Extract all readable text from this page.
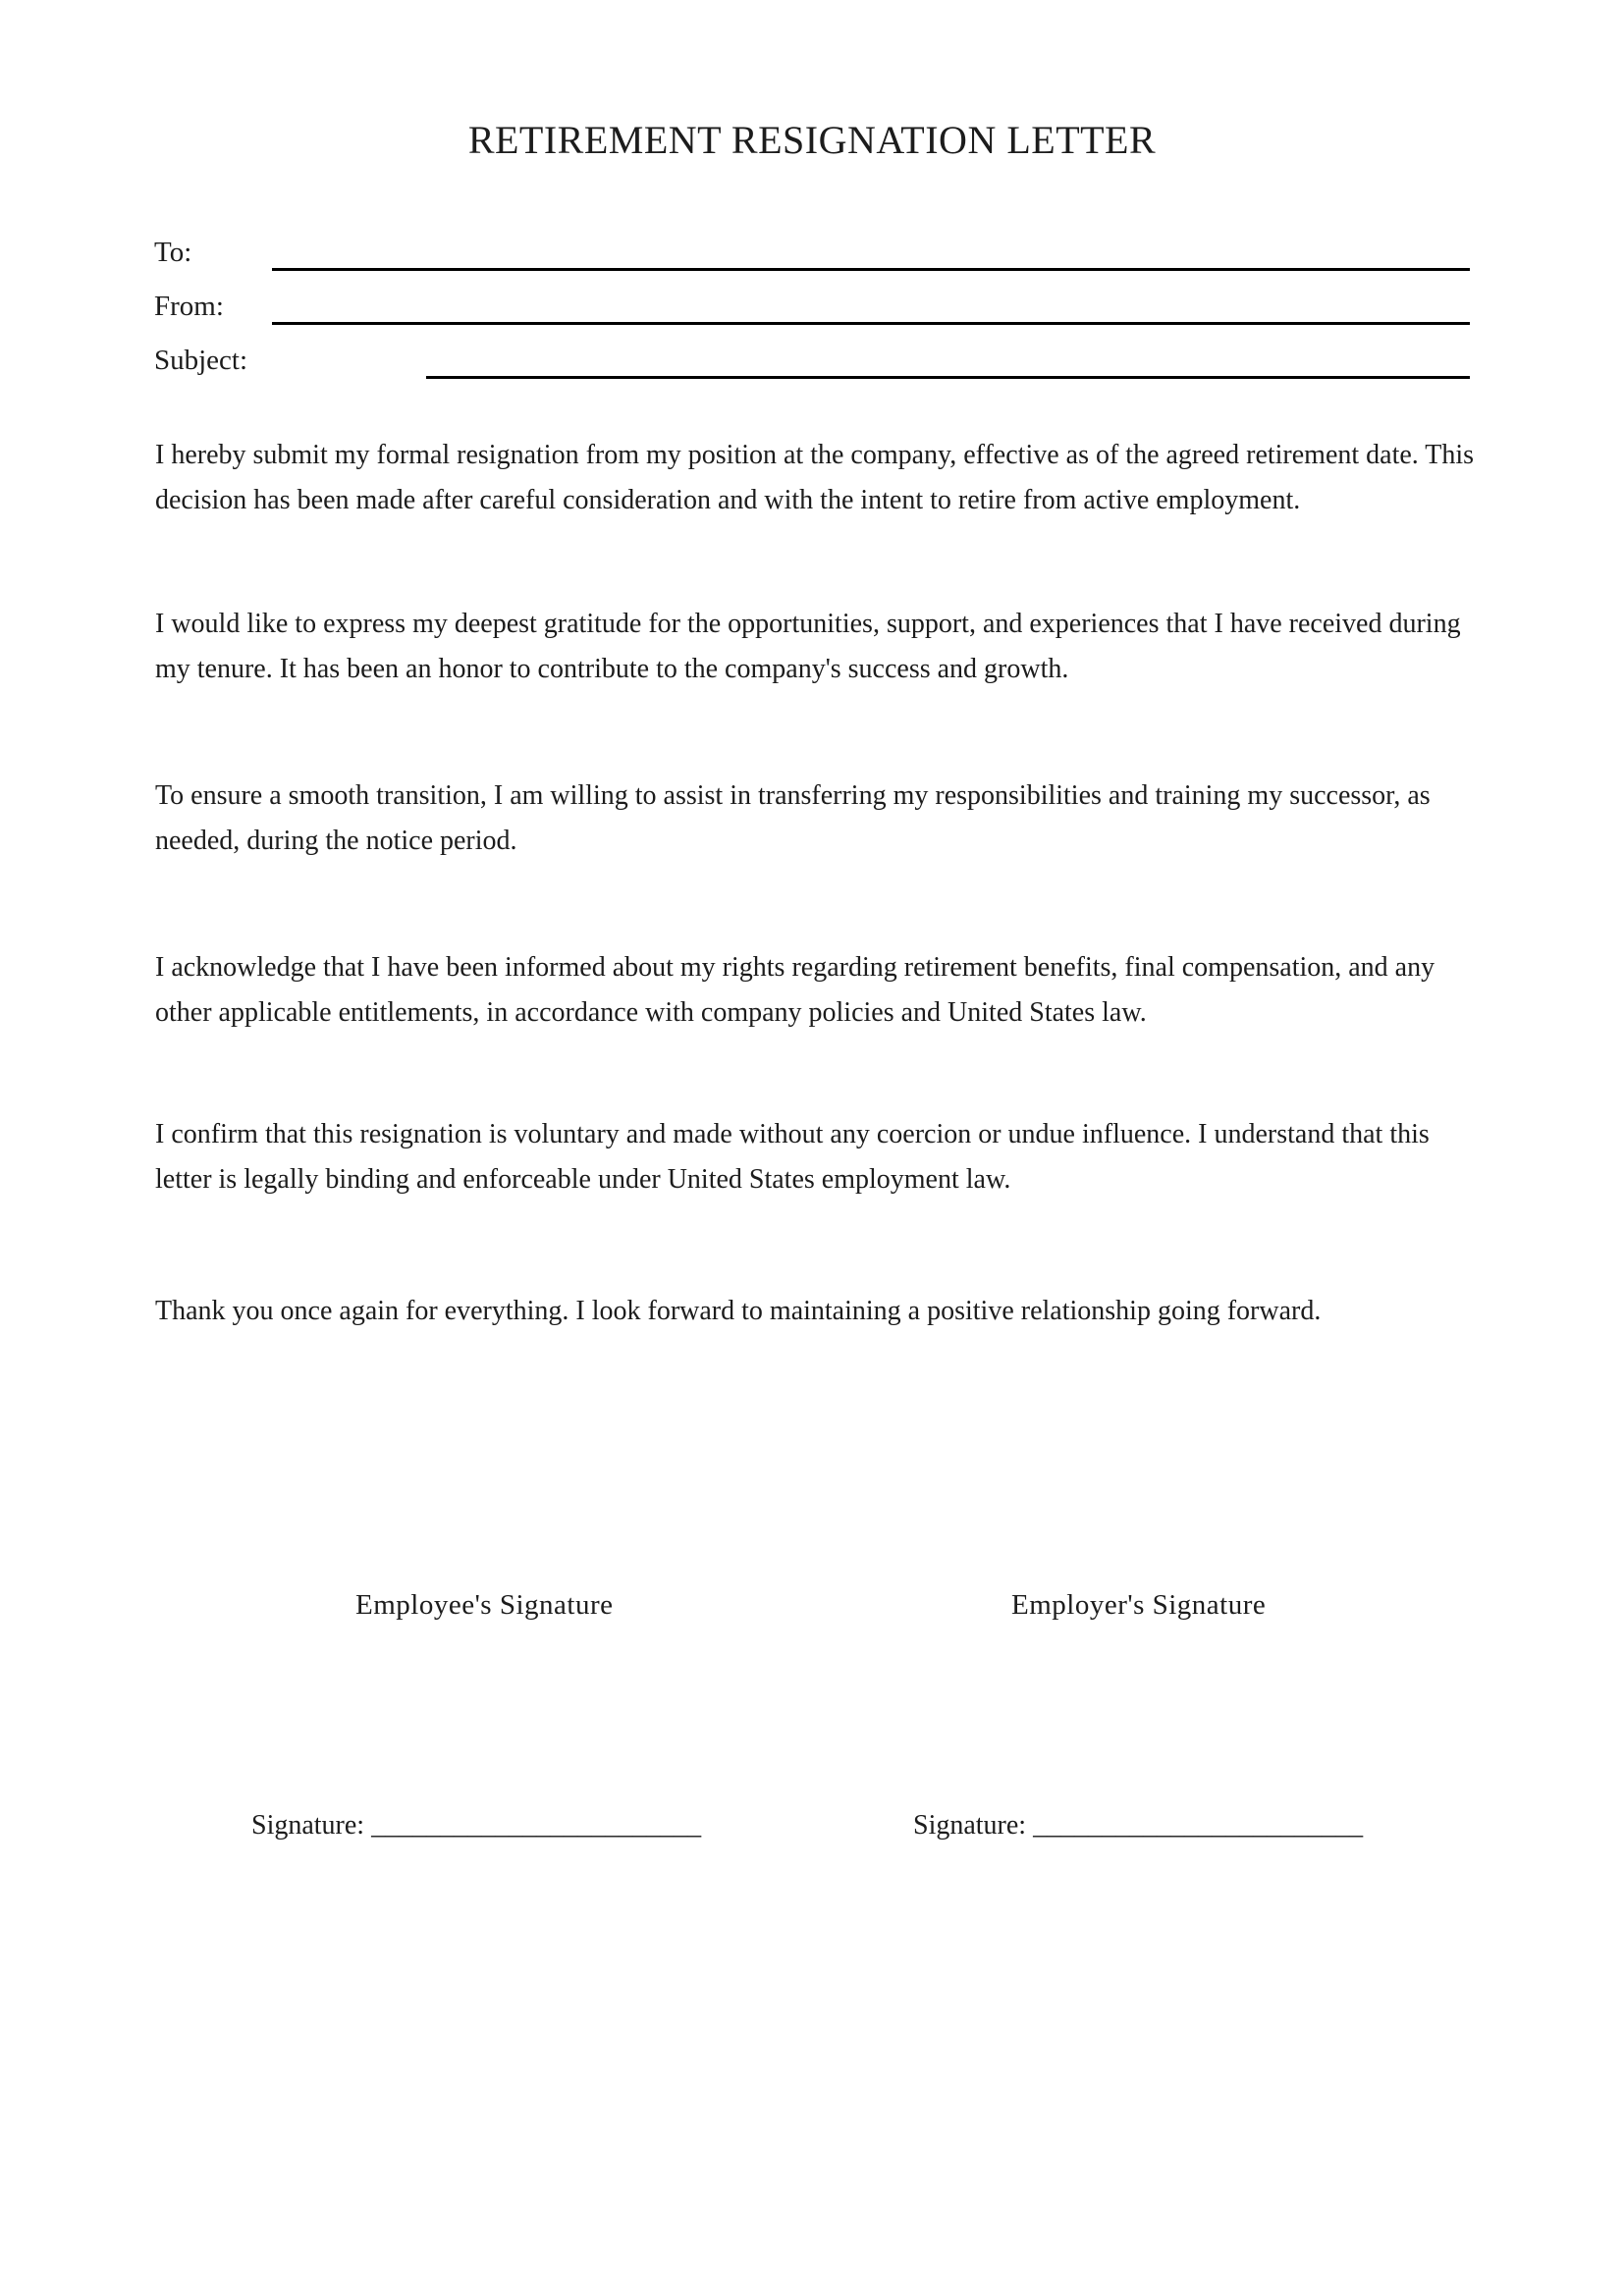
RETIREMENT RESIGNATION LETTER
To:
From:
Subject:

I hereby submit my formal resignation from my position at the company, effective as of the agreed retirement date. This decision has been made after careful consideration and with the intent to retire from active employment.

I would like to express my deepest gratitude for the opportunities, support, and experiences that I have received during my tenure. It has been an honor to contribute to the company's success and growth.

To ensure a smooth transition, I am willing to assist in transferring my responsibilities and training my successor, as needed, during the notice period.

I acknowledge that I have been informed about my rights regarding retirement benefits, final compensation, and any other applicable entitlements, in accordance with company policies and United States law.

I confirm that this resignation is voluntary and made without any coercion or undue influence. I understand that this letter is legally binding and enforceable under United States employment law.

Thank you once again for everything. I look forward to maintaining a positive relationship going forward.

Employee's Signature	Employer's Signature
Signature: ________________________	Signature: ________________________
